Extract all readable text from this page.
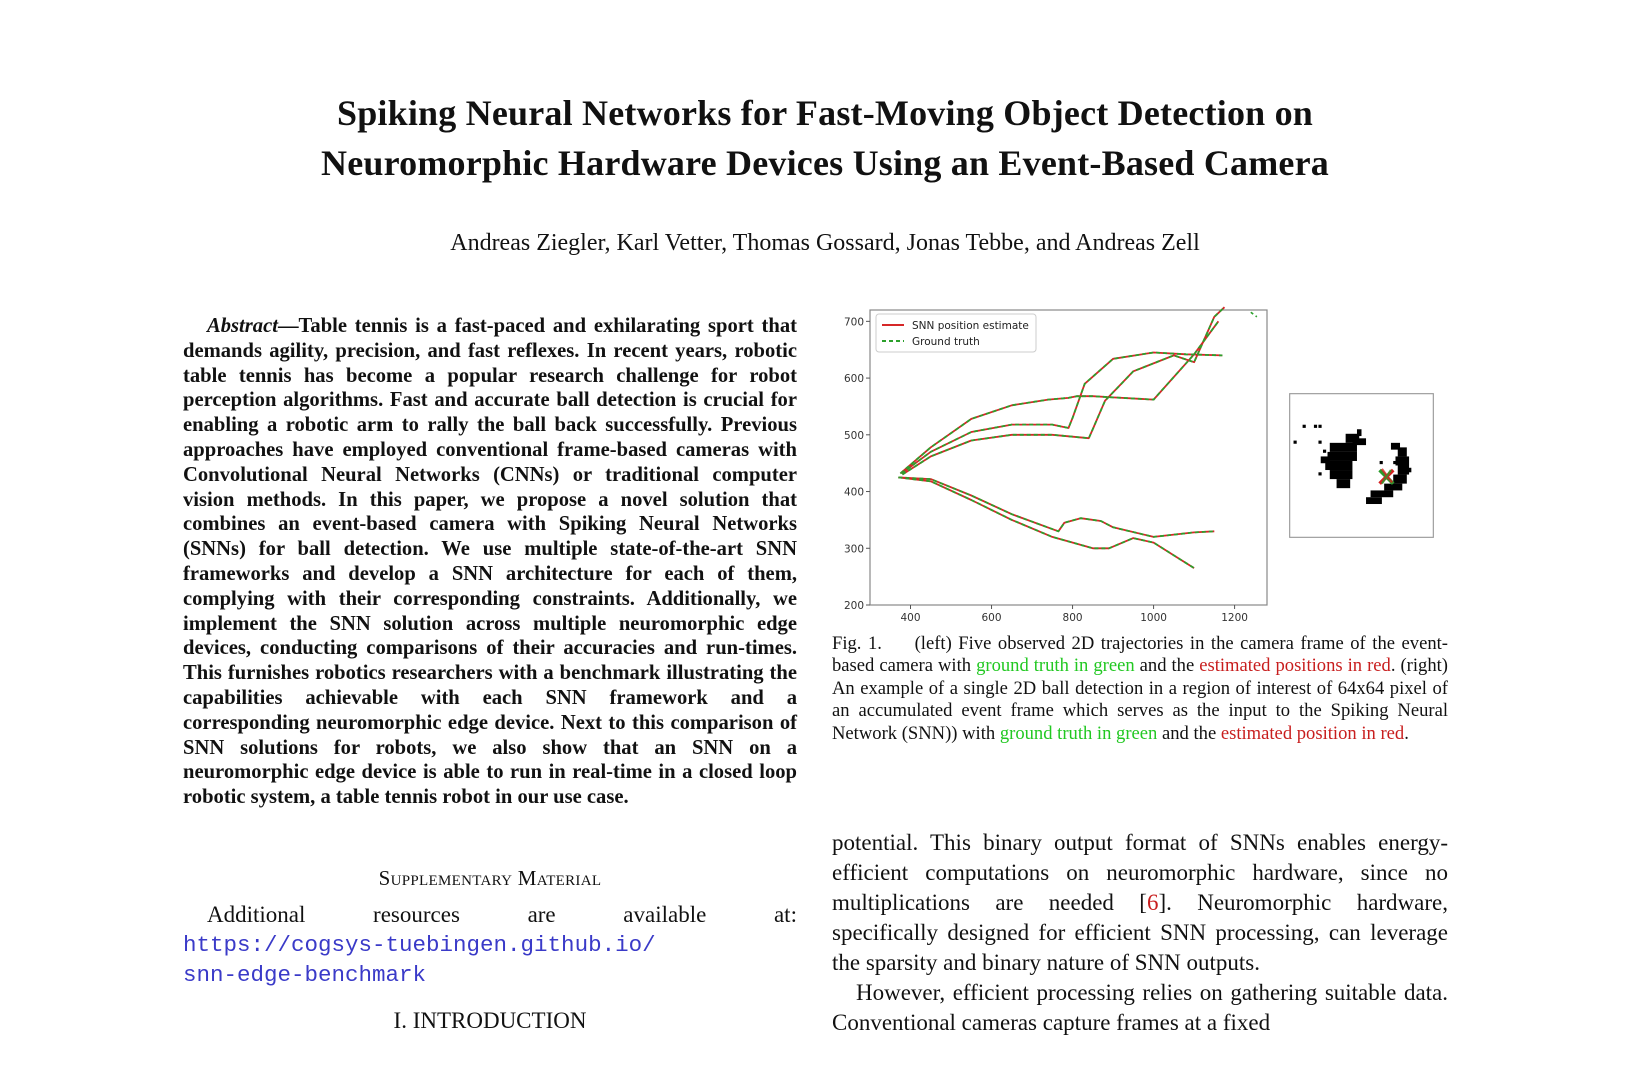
Spiking Neural Networks for Fast-Moving Object Detection on
Neuromorphic Hardware Devices Using an Event-Based Camera
Andreas Ziegler, Karl Vetter, Thomas Gossard, Jonas Tebbe, and Andreas Zell
Abstract—Table tennis is a fast-paced and exhilarating sport that demands agility, precision, and fast reflexes. In recent years, robotic table tennis has become a popular research challenge for robot perception algorithms. Fast and accurate ball detection is crucial for enabling a robotic arm to rally the ball back successfully. Previous approaches have employed conventional frame-based cameras with Convolutional Neural Networks (CNNs) or traditional computer vision methods. In this paper, we propose a novel solution that combines an event-based camera with Spiking Neural Networks (SNNs) for ball detection. We use multiple state-of-the-art SNN frameworks and develop a SNN architecture for each of them, complying with their corresponding constraints. Additionally, we implement the SNN solution across multiple neuromorphic edge devices, conducting comparisons of their accuracies and run-times. This furnishes robotics researchers with a benchmark illustrating the capabilities achievable with each SNN framework and a corresponding neuromorphic edge device. Next to this comparison of SNN solutions for robots, we also show that an SNN on a neuromorphic edge device is able to run in real-time in a closed loop robotic system, a table tennis robot in our use case.
Supplementary Material
Additional	resources	are	available	at:
https://cogsys-tuebingen.github.io/
snn-edge-benchmark
I. INTRODUCTION
400	600	800	1000	1200
200
300
400
500
600
700	SNN position estimate
Ground truth
Fig. 1. (left) Five observed 2D trajectories in the camera frame of the event-based camera with ground truth in green and the estimated positions in red. (right) An example of a single 2D ball detection in a region of interest of 64x64 pixel of an accumulated event frame which serves as the input to the Spiking Neural Network (SNN)) with ground truth in green and the estimated position in red.

potential. This binary output format of SNNs enables energy-efficient computations on neuromorphic hardware, since no multiplications are needed [6]. Neuromorphic hardware, specifically designed for efficient SNN processing, can leverage the sparsity and binary nature of SNN outputs.

However, efficient processing relies on gathering suitable data. Conventional cameras capture frames at a fixed
